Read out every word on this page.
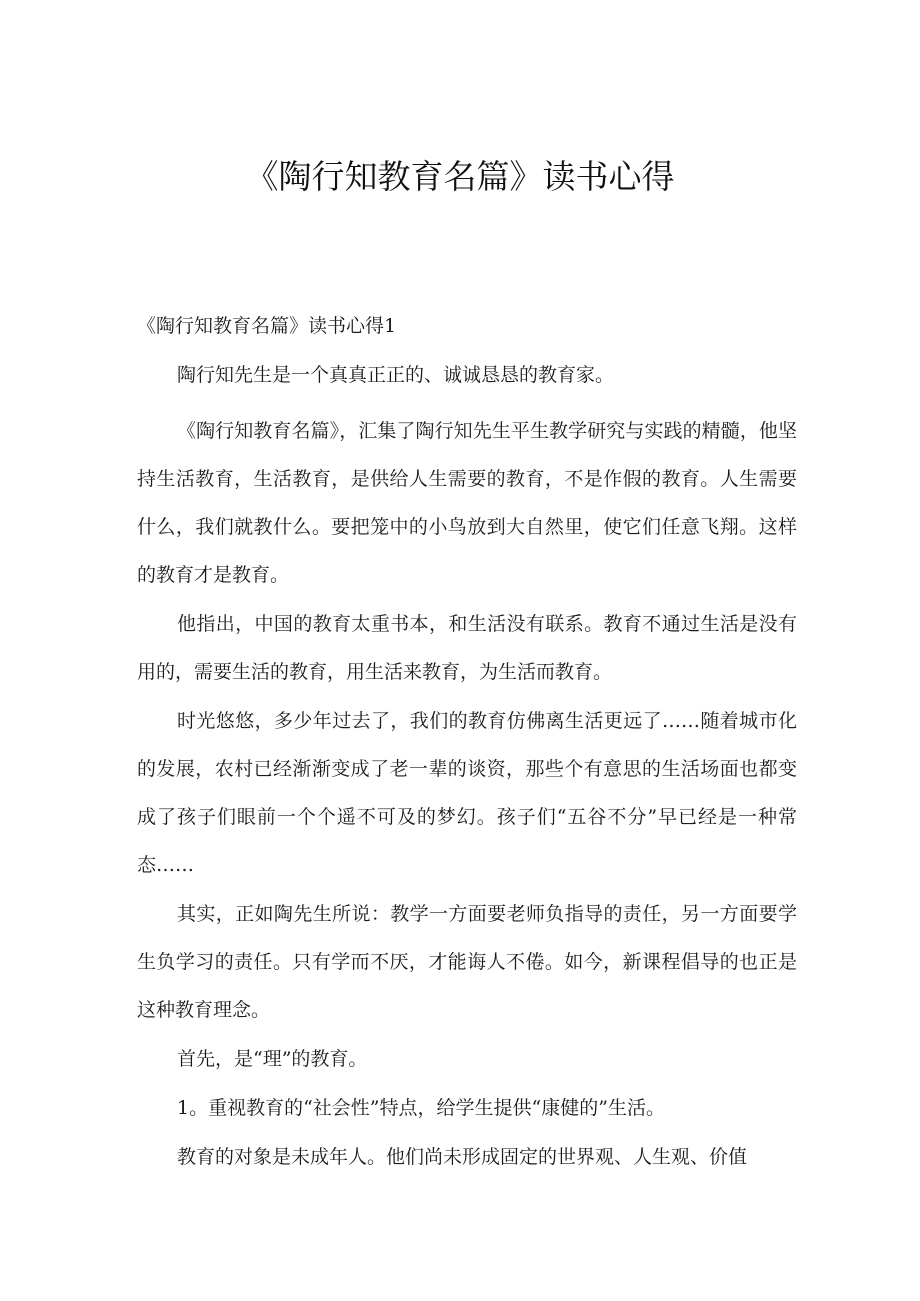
《陶行知教育名篇》读书心得
《陶行知教育名篇》读书心得1
陶行知先生是一个真真正正的、诚诚恳恳的教育家。
《陶行知教育名篇》，汇集了陶行知先生平生教学研究与实践的精髓，他坚持生活教育，生活教育，是供给人生需要的教育，不是作假的教育。人生需要什么，我们就教什么。要把笼中的小鸟放到大自然里，使它们任意飞翔。这样的教育才是教育。
他指出，中国的教育太重书本，和生活没有联系。教育不通过生活是没有用的，需要生活的教育，用生活来教育，为生活而教育。
时光悠悠，多少年过去了，我们的教育仿佛离生活更远了……随着城市化的发展，农村已经渐渐变成了老一辈的谈资，那些个有意思的生活场面也都变成了孩子们眼前一个个遥不可及的梦幻。孩子们“五谷不分”早已经是一种常态……
其实，正如陶先生所说：教学一方面要老师负指导的责任，另一方面要学生负学习的责任。只有学而不厌，才能诲人不倦。如今，新课程倡导的也正是这种教育理念。
首先，是“理”的教育。
1。重视教育的“社会性”特点，给学生提供“康健的”生活。
教育的对象是未成年人。他们尚未形成固定的世界观、人生观、价值
